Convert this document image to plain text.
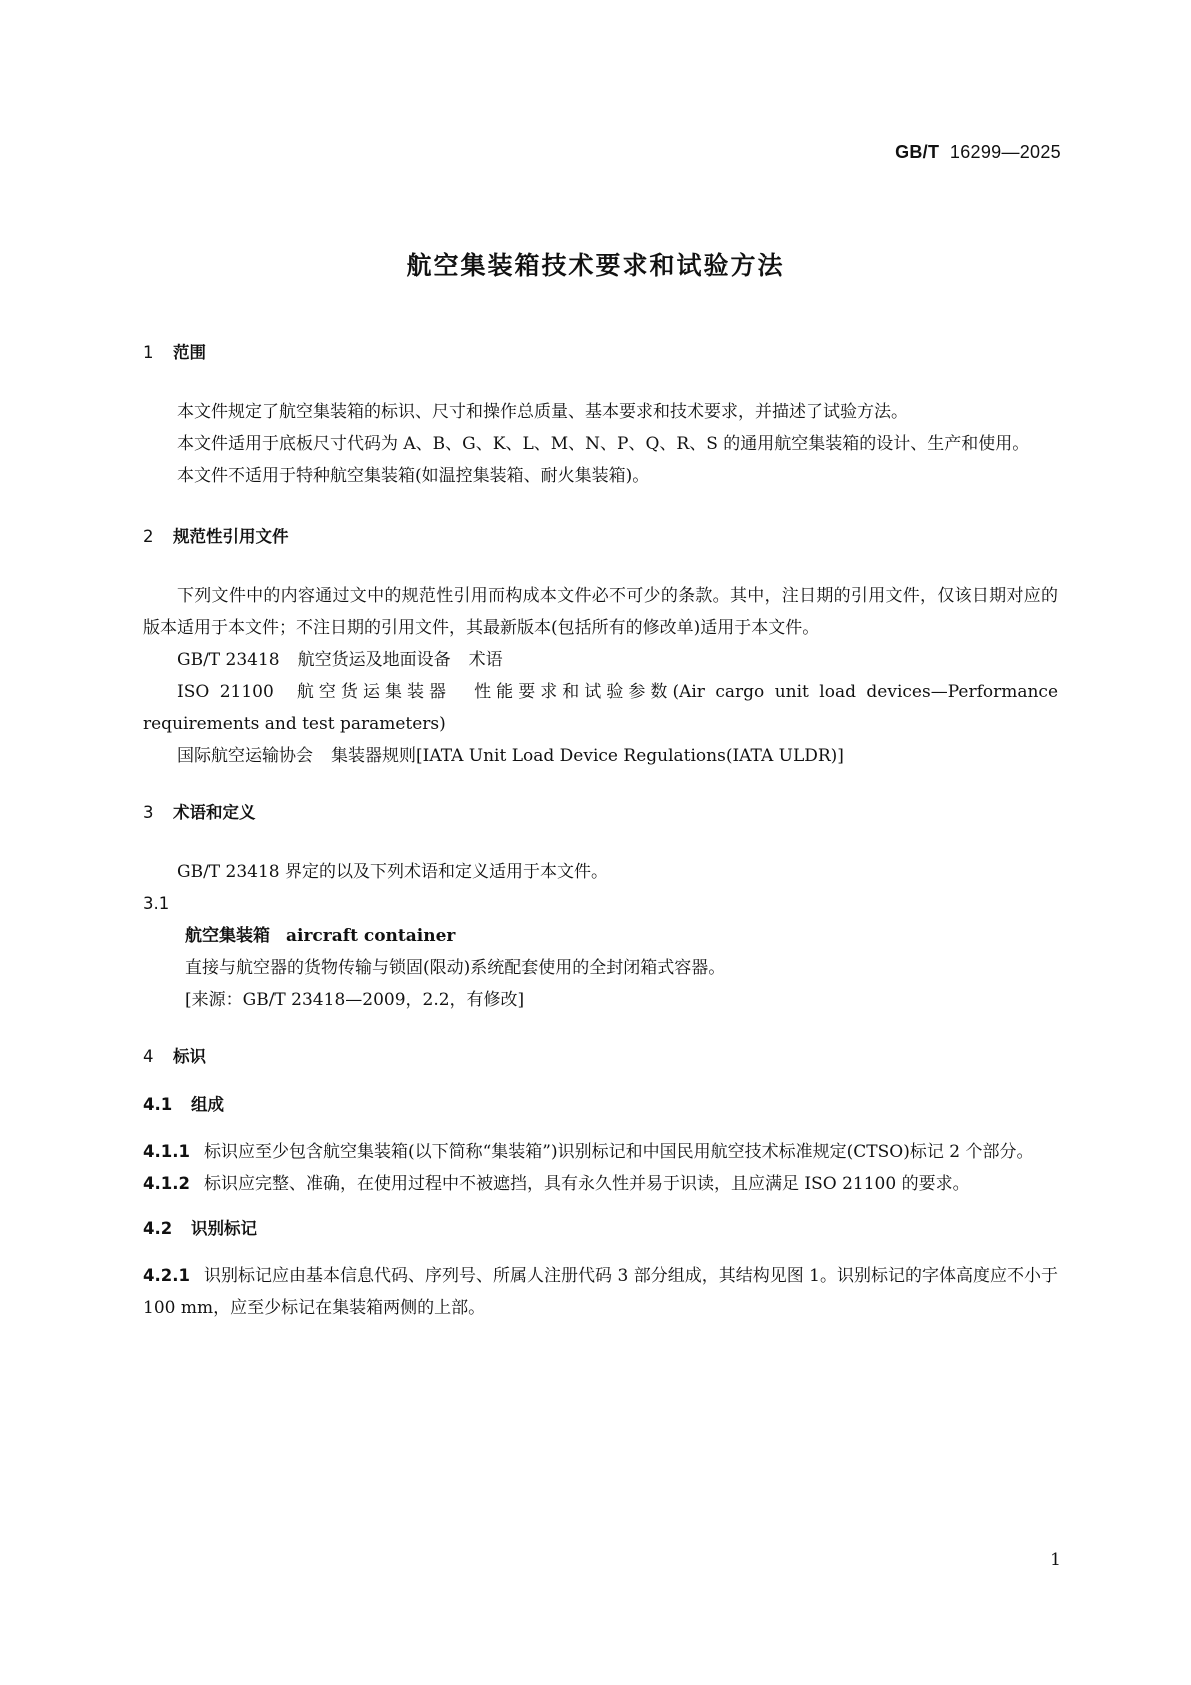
GB/T 16299—2025
航空集装箱技术要求和试验方法
1 范围
本文件规定了航空集装箱的标识、尺寸和操作总质量、基本要求和技术要求，并描述了试验方法。
本文件适用于底板尺寸代码为 A、B、G、K、L、M、N、P、Q、R、S 的通用航空集装箱的设计、生产和使用。
本文件不适用于特种航空集装箱(如温控集装箱、耐火集装箱)。
2 规范性引用文件
下列文件中的内容通过文中的规范性引用而构成本文件必不可少的条款。其中，注日期的引用文件，仅该日期对应的版本适用于本文件；不注日期的引用文件，其最新版本(包括所有的修改单)适用于本文件。
GB/T 23418 航空货运及地面设备 术语
ISO 21100 航空货运集装器 性能要求和试验参数(Air cargo unit load devices—Performance requirements and test parameters)
国际航空运输协会 集装器规则[IATA Unit Load Device Regulations(IATA ULDR)]
3 术语和定义
GB/T 23418 界定的以及下列术语和定义适用于本文件。
3.1
航空集装箱 aircraft container
直接与航空器的货物传输与锁固(限动)系统配套使用的全封闭箱式容器。
[来源：GB/T 23418—2009，2.2，有修改]
4 标识
4.1 组成
4.1.1 标识应至少包含航空集装箱(以下简称“集装箱”)识别标记和中国民用航空技术标准规定(CTSO)标记 2 个部分。
4.1.2 标识应完整、准确，在使用过程中不被遮挡，具有永久性并易于识读，且应满足 ISO 21100 的要求。
4.2 识别标记
4.2.1 识别标记应由基本信息代码、序列号、所属人注册代码 3 部分组成，其结构见图 1。识别标记的字体高度应不小于 100 mm，应至少标记在集装箱两侧的上部。
1
